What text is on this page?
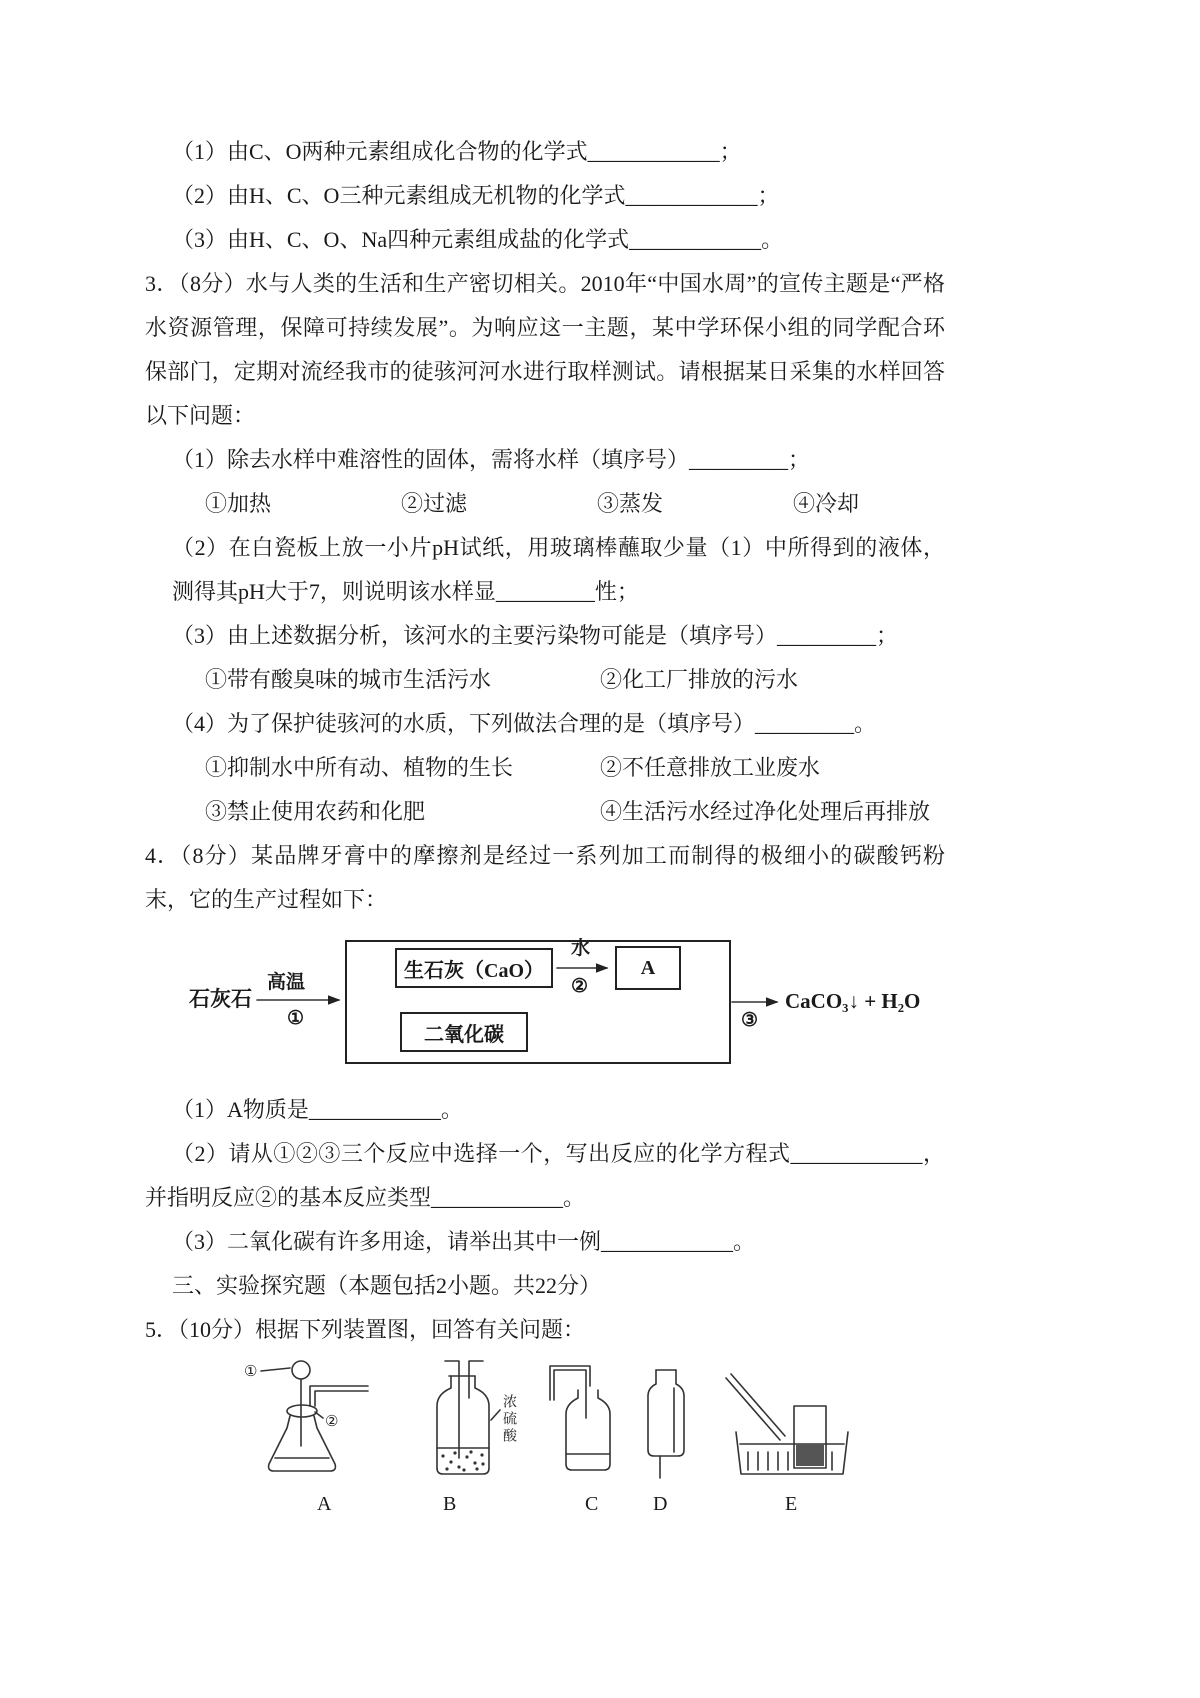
（1）由C、O两种元素组成化合物的化学式____________；
（2）由H、C、O三种元素组成无机物的化学式____________；
（3）由H、C、O、Na四种元素组成盐的化学式____________。

3．（8分）水与人类的生活和生产密切相关。2010年“中国水周”的宣传主题是“严格水资源管理，保障可持续发展”。为响应这一主题，某中学环保小组的同学配合环保部门，定期对流经我市的徒骇河河水进行取样测试。请根据某日采集的水样回答以下问题：

（1）除去水样中难溶性的固体，需将水样（填序号）_________；
①加热	②过滤	③蒸发	④冷却

（2）在白瓷板上放一小片pH试纸，用玻璃棒蘸取少量（1）中所得到的液体，测得其pH大于7，则说明该水样显_________性；

（3）由上述数据分析，该河水的主要污染物可能是（填序号）_________；
①带有酸臭味的城市生活污水	②化工厂排放的污水
（4）为了保护徒骇河的水质，下列做法合理的是（填序号）_________。
①抑制水中所有动、植物的生长	②不任意排放工业废水
③禁止使用农药和化肥	④生活污水经过净化处理后再排放

4．（8分）某品牌牙膏中的摩擦剂是经过一系列加工而制得的极细小的碳酸钙粉末，它的生产过程如下：

石灰石
高温
①
生石灰（CaO）
水
②
A
二氧化碳
③
CaCO₃↓ + H₂O
（1）A物质是____________。

（2）请从①②③三个反应中选择一个，写出反应的化学方程式____________，并指明反应②的基本反应类型____________。

（3）二氧化碳有许多用途，请举出其中一例____________。
三、实验探究题（本题包括2小题。共22分）
5．（10分）根据下列装置图，回答有关问题：
①
②	浓硫酸
A	B	C	D	E
